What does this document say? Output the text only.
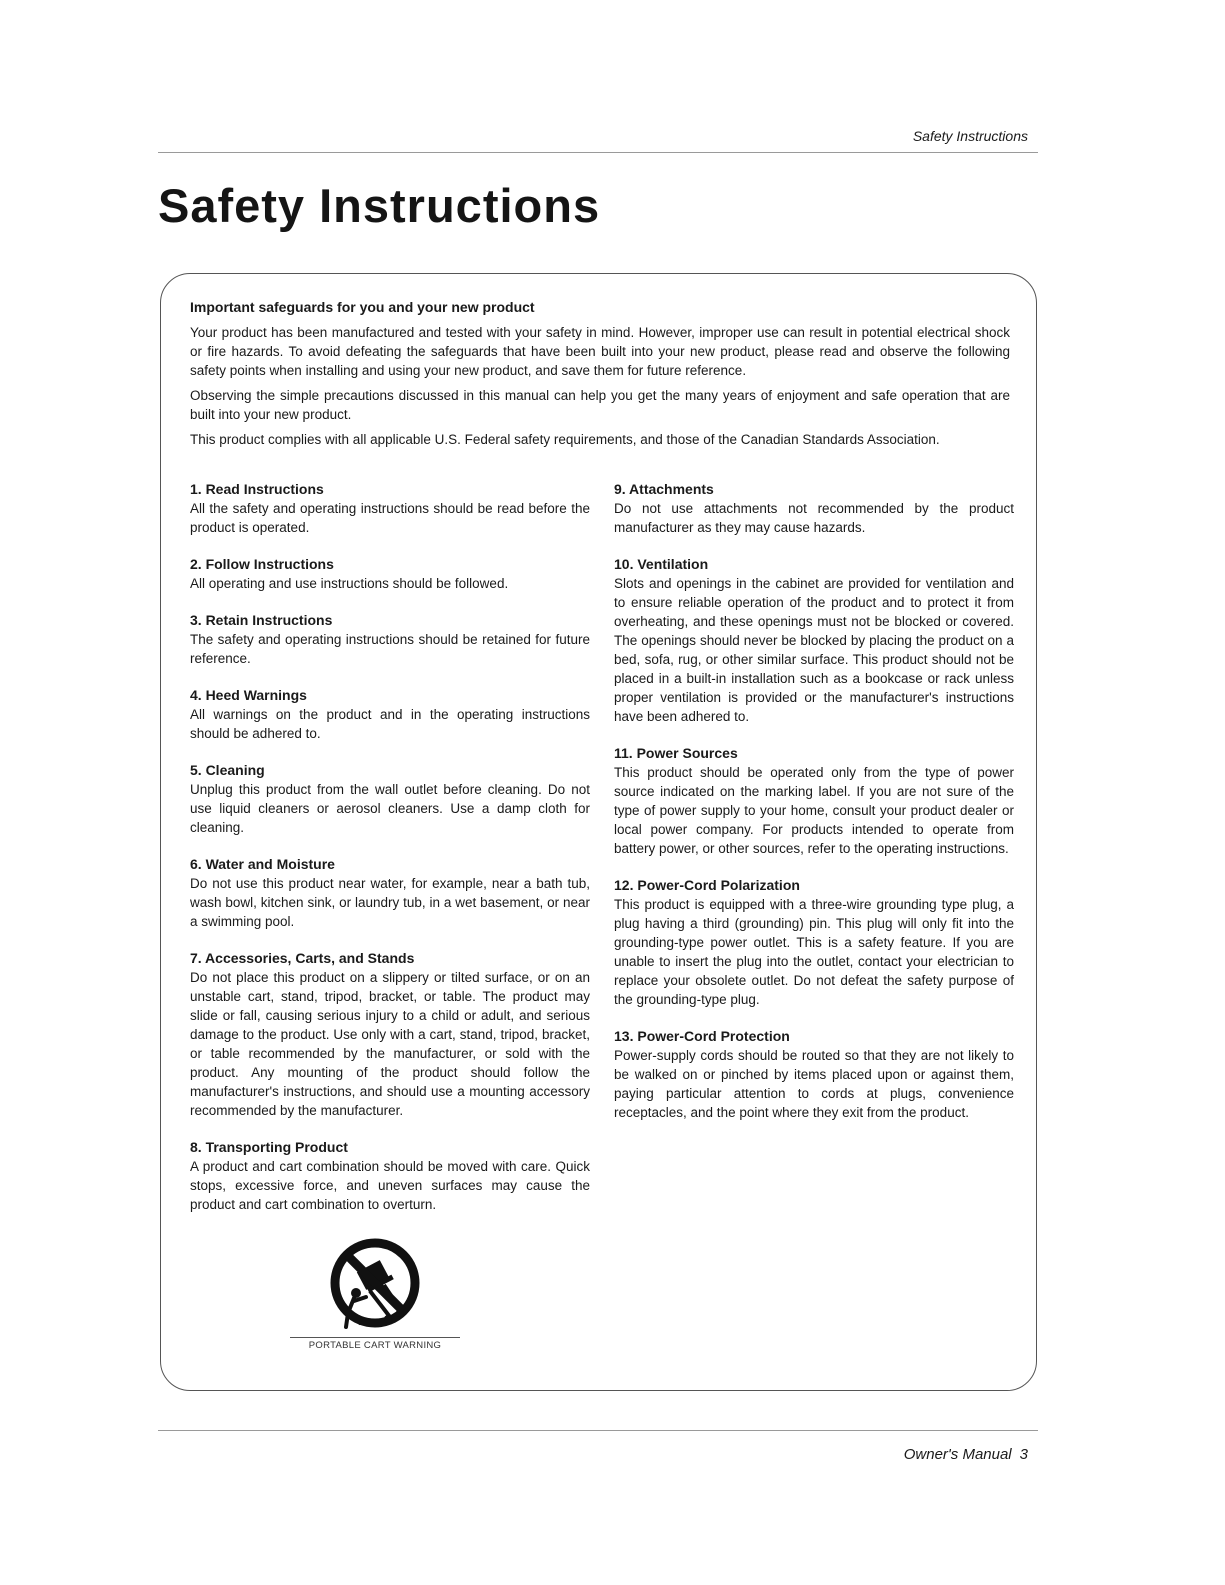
Safety Instructions
Safety Instructions
Important safeguards for you and your new product

Your product has been manufactured and tested with your safety in mind. However, improper use can result in potential electrical shock or fire hazards. To avoid defeating the safeguards that have been built into your new product, please read and observe the following safety points when installing and using your new product, and save them for future reference.

Observing the simple precautions discussed in this manual can help you get the many years of enjoyment and safe operation that are built into your new product.

This product complies with all applicable U.S. Federal safety requirements, and those of the Canadian Standards Association.

1. Read Instructions

All the safety and operating instructions should be read before the product is operated.

2. Follow Instructions

All operating and use instructions should be followed.

3. Retain Instructions

The safety and operating instructions should be retained for future reference.

4. Heed Warnings

All warnings on the product and in the operating instructions should be adhered to.

5. Cleaning

Unplug this product from the wall outlet before cleaning. Do not use liquid cleaners or aerosol cleaners. Use a damp cloth for cleaning.

6. Water and Moisture

Do not use this product near water, for example, near a bath tub, wash bowl, kitchen sink, or laundry tub, in a wet basement, or near a swimming pool.

7. Accessories, Carts, and Stands

Do not place this product on a slippery or tilted surface, or on an unstable cart, stand, tripod, bracket, or table. The product may slide or fall, causing serious injury to a child or adult, and serious damage to the product. Use only with a cart, stand, tripod, bracket, or table recommended by the manufacturer, or sold with the product. Any mounting of the product should follow the manufacturer's instructions, and should use a mounting accessory recommended by the manufacturer.

8. Transporting Product

A product and cart combination should be moved with care. Quick stops, excessive force, and uneven surfaces may cause the product and cart combination to overturn.

9. Attachments

Do not use attachments not recommended by the product manufacturer as they may cause hazards.

10. Ventilation

Slots and openings in the cabinet are provided for ventilation and to ensure reliable operation of the product and to protect it from overheating, and these openings must not be blocked or covered. The openings should never be blocked by placing the product on a bed, sofa, rug, or other similar surface. This product should not be placed in a built-in installation such as a bookcase or rack unless proper ventilation is provided or the manufacturer's instructions have been adhered to.

11. Power Sources

This product should be operated only from the type of power source indicated on the marking label. If you are not sure of the type of power supply to your home, consult your product dealer or local power company. For products intended to operate from battery power, or other sources, refer to the operating instructions.

12. Power-Cord Polarization

This product is equipped with a three-wire grounding type plug, a plug having a third (grounding) pin. This plug will only fit into the grounding-type power outlet. This is a safety feature. If you are unable to insert the plug into the outlet, contact your electrician to replace your obsolete outlet. Do not defeat the safety purpose of the grounding-type plug.

13. Power-Cord Protection

Power-supply cords should be routed so that they are not likely to be walked on or pinched by items placed upon or against them, paying particular attention to cords at plugs, convenience receptacles, and the point where they exit from the product.

PORTABLE CART WARNING
Owner's Manual 3
